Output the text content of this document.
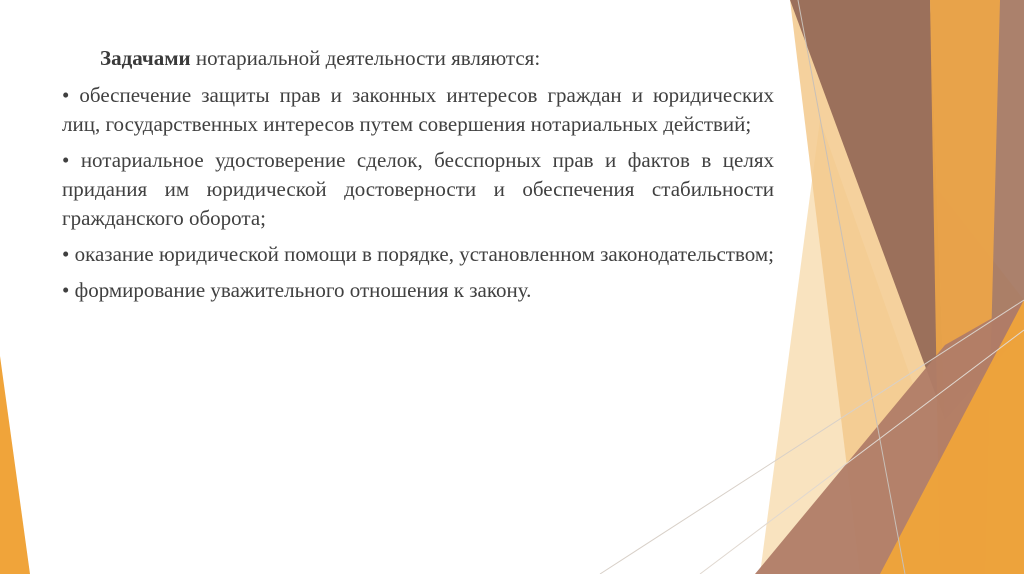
Задачами нотариальной деятельности являются:

• обеспечение защиты прав и законных интересов граждан и юридических лиц, государственных интересов путем совершения нотариальных действий;

• нотариальное удостоверение сделок, бесспорных прав и фактов в целях придания им юридической достоверности и обеспечения стабильности гражданского оборота;

• оказание юридической помощи в порядке, установленном законодательством;

• формирование уважительного отношения к закону.
